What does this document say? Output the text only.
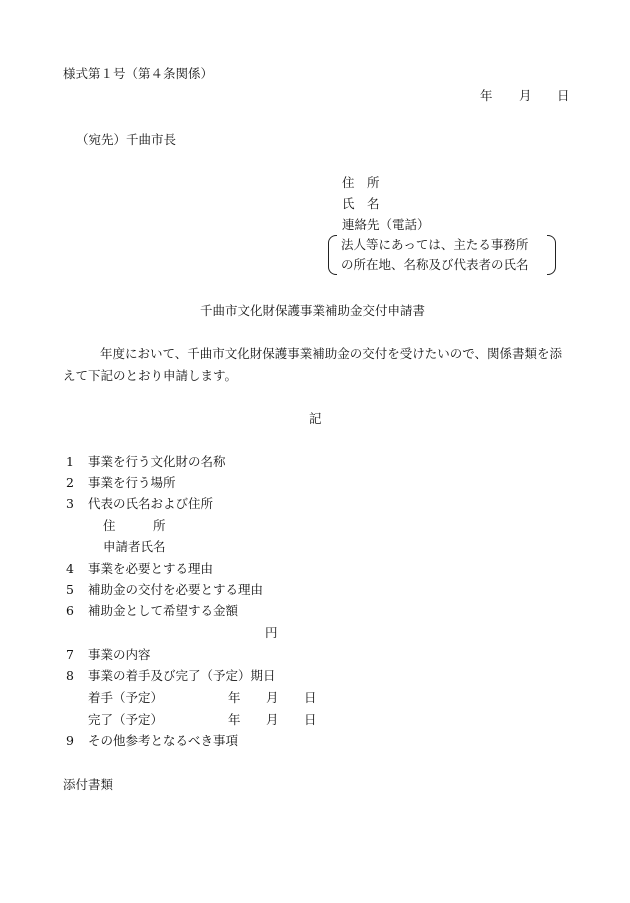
様式第１号（第４条関係）
年 月 日
（宛先）千曲市長
住　所
氏　名
連絡先（電話）
法人等にあっては、主たる事務所
の所在地、名称及び代表者の氏名
千曲市文化財保護事業補助金交付申請書
年度において、千曲市文化財保護事業補助金の交付を受けたいので、関係書類を添
えて下記のとおり申請します。
記
1 事業を行う文化財の名称
2 事業を行う場所
3 代表の氏名および住所
住　　　所
申請者氏名
4 事業を必要とする理由
5 補助金の交付を必要とする理由
6 補助金として希望する金額
円
7 事業の内容
8 事業の着手及び完了（予定）期日
着手（予定）	年 月 日
完了（予定）	年 月 日
9 その他参考となるべき事項
添付書類
